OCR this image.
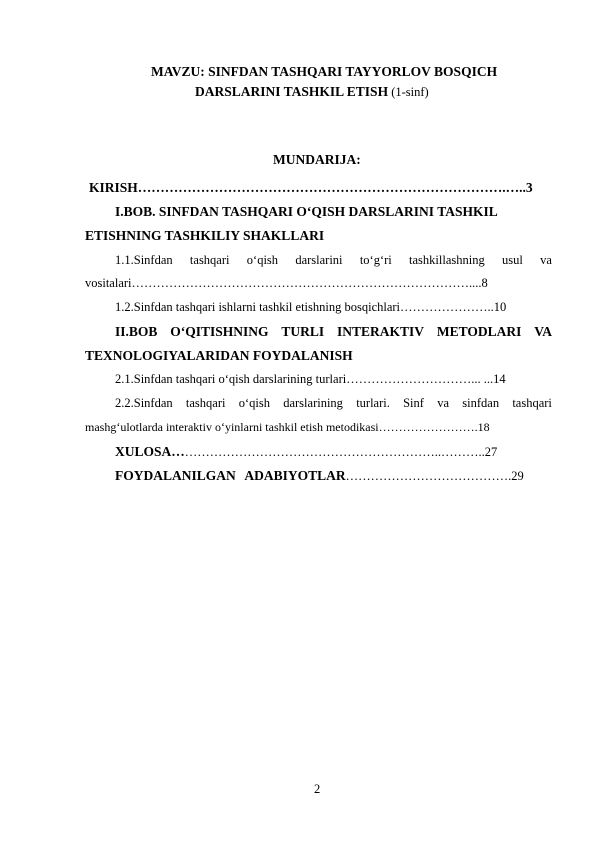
MAVZU: SINFDAN TASHQARI TAYYORLOV BOSQICH
DARSLARINI TASHKIL ETISH (1-sinf)
MUNDARIJA:
KIRISH……………………………………………………………………….…..3
I.BOB. SINFDAN TASHQARI O‘QISH DARSLARINI TASHKIL
ETISHNING TASHKILIY SHAKLLARI
1.1.Sinfdan tashqari o‘qish darslarini to‘g‘ri tashkillashning usul va
vositalari………………………………………………………………………....8
1.2.Sinfdan tashqari ishlarni tashkil etishning bosqichlari…………………..10
II.BOB O‘QITISHNING TURLI INTERAKTIV METODLARI VA
TEXNOLOGIYALARIDAN FOYDALANISH
2.1.Sinfdan tashqari o‘qish darslarining turlari…………………………... ...14
2.2.Sinfdan tashqari o‘qish darslarining turlari. Sinf va sinfdan tashqari
mashg‘ulotlarda interaktiv o‘yinlarni tashkil etish metodikasi…………………….18
XULOSA………………………………………………………..………..27
FOYDALANILGAN ADABIYOTLAR………………………………….29
2
